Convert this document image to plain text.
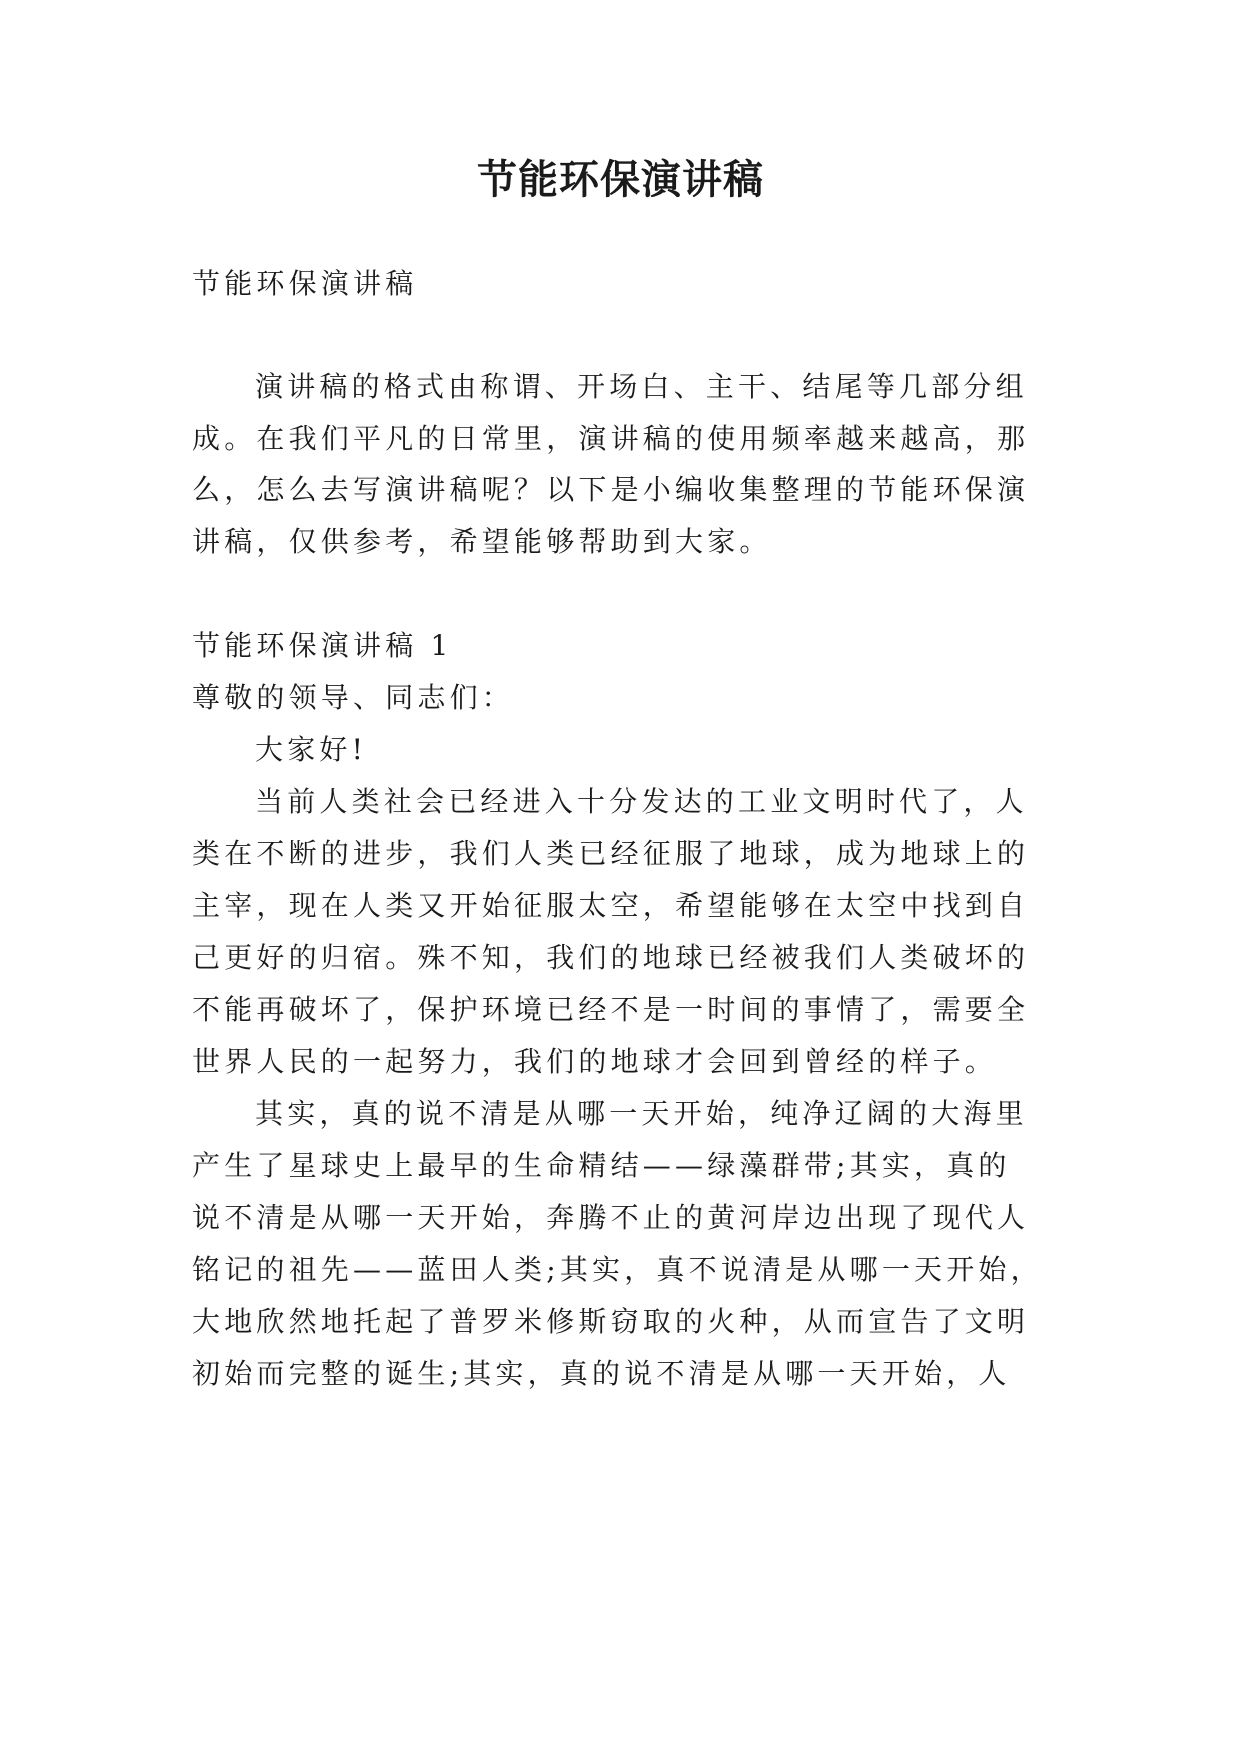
节能环保演讲稿
节能环保演讲稿
演讲稿的格式由称谓、开场白、主干、结尾等几部分组
成。在我们平凡的日常里，演讲稿的使用频率越来越高，那
么，怎么去写演讲稿呢？以下是小编收集整理的节能环保演
讲稿，仅供参考，希望能够帮助到大家。
节能环保演讲稿 1
尊敬的领导、同志们：
大家好!
当前人类社会已经进入十分发达的工业文明时代了，人
类在不断的进步，我们人类已经征服了地球，成为地球上的
主宰，现在人类又开始征服太空，希望能够在太空中找到自
己更好的归宿。殊不知，我们的地球已经被我们人类破坏的
不能再破坏了，保护环境已经不是一时间的事情了，需要全
世界人民的一起努力，我们的地球才会回到曾经的样子。
其实，真的说不清是从哪一天开始，纯净辽阔的大海里
产生了星球史上最早的生命精结——绿藻群带;其实，真的
说不清是从哪一天开始，奔腾不止的黄河岸边出现了现代人
铭记的祖先——蓝田人类;其实，真不说清是从哪一天开始，
大地欣然地托起了普罗米修斯窃取的火种，从而宣告了文明
初始而完整的诞生;其实，真的说不清是从哪一天开始，人
